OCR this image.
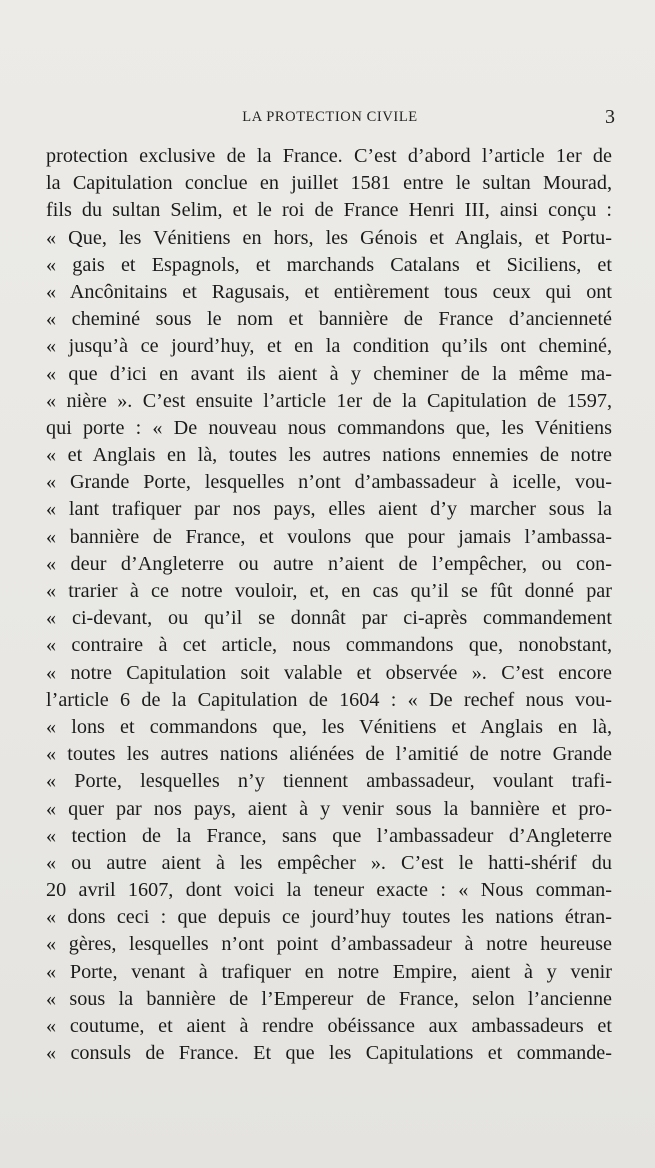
LA PROTECTION CIVILE	3
protection exclusive de la France. C’est d’abord l’article 1er de
la Capitulation conclue en juillet 1581 entre le sultan Mourad,
fils du sultan Selim, et le roi de France Henri III, ainsi conçu :
« Que, les Vénitiens en hors, les Génois et Anglais, et Portu-
« gais et Espagnols, et marchands Catalans et Siciliens, et
« Ancônitains et Ragusais, et entièrement tous ceux qui ont
« cheminé sous le nom et bannière de France d’ancienneté
« jusqu’à ce jourd’huy, et en la condition qu’ils ont cheminé,
« que d’ici en avant ils aient à y cheminer de la même ma-
« nière ». C’est ensuite l’article 1er de la Capitulation de 1597,
qui porte : « De nouveau nous commandons que, les Vénitiens
« et Anglais en là, toutes les autres nations ennemies de notre
« Grande Porte, lesquelles n’ont d’ambassadeur à icelle, vou-
« lant trafiquer par nos pays, elles aient d’y marcher sous la
« bannière de France, et voulons que pour jamais l’ambassa-
« deur d’Angleterre ou autre n’aient de l’empêcher, ou con-
« trarier à ce notre vouloir, et, en cas qu’il se fût donné par
« ci-devant, ou qu’il se donnât par ci-après commandement
« contraire à cet article, nous commandons que, nonobstant,
« notre Capitulation soit valable et observée ». C’est encore
l’article 6 de la Capitulation de 1604 : « De rechef nous vou-
« lons et commandons que, les Vénitiens et Anglais en là,
« toutes les autres nations aliénées de l’amitié de notre Grande
« Porte, lesquelles n’y tiennent ambassadeur, voulant trafi-
« quer par nos pays, aient à y venir sous la bannière et pro-
« tection de la France, sans que l’ambassadeur d’Angleterre
« ou autre aient à les empêcher ». C’est le hatti-shérif du
20 avril 1607, dont voici la teneur exacte : « Nous comman-
« dons ceci : que depuis ce jourd’huy toutes les nations étran-
« gères, lesquelles n’ont point d’ambassadeur à notre heureuse
« Porte, venant à trafiquer en notre Empire, aient à y venir
« sous la bannière de l’Empereur de France, selon l’ancienne
« coutume, et aient à rendre obéissance aux ambassadeurs et
« consuls de France. Et que les Capitulations et commande-
